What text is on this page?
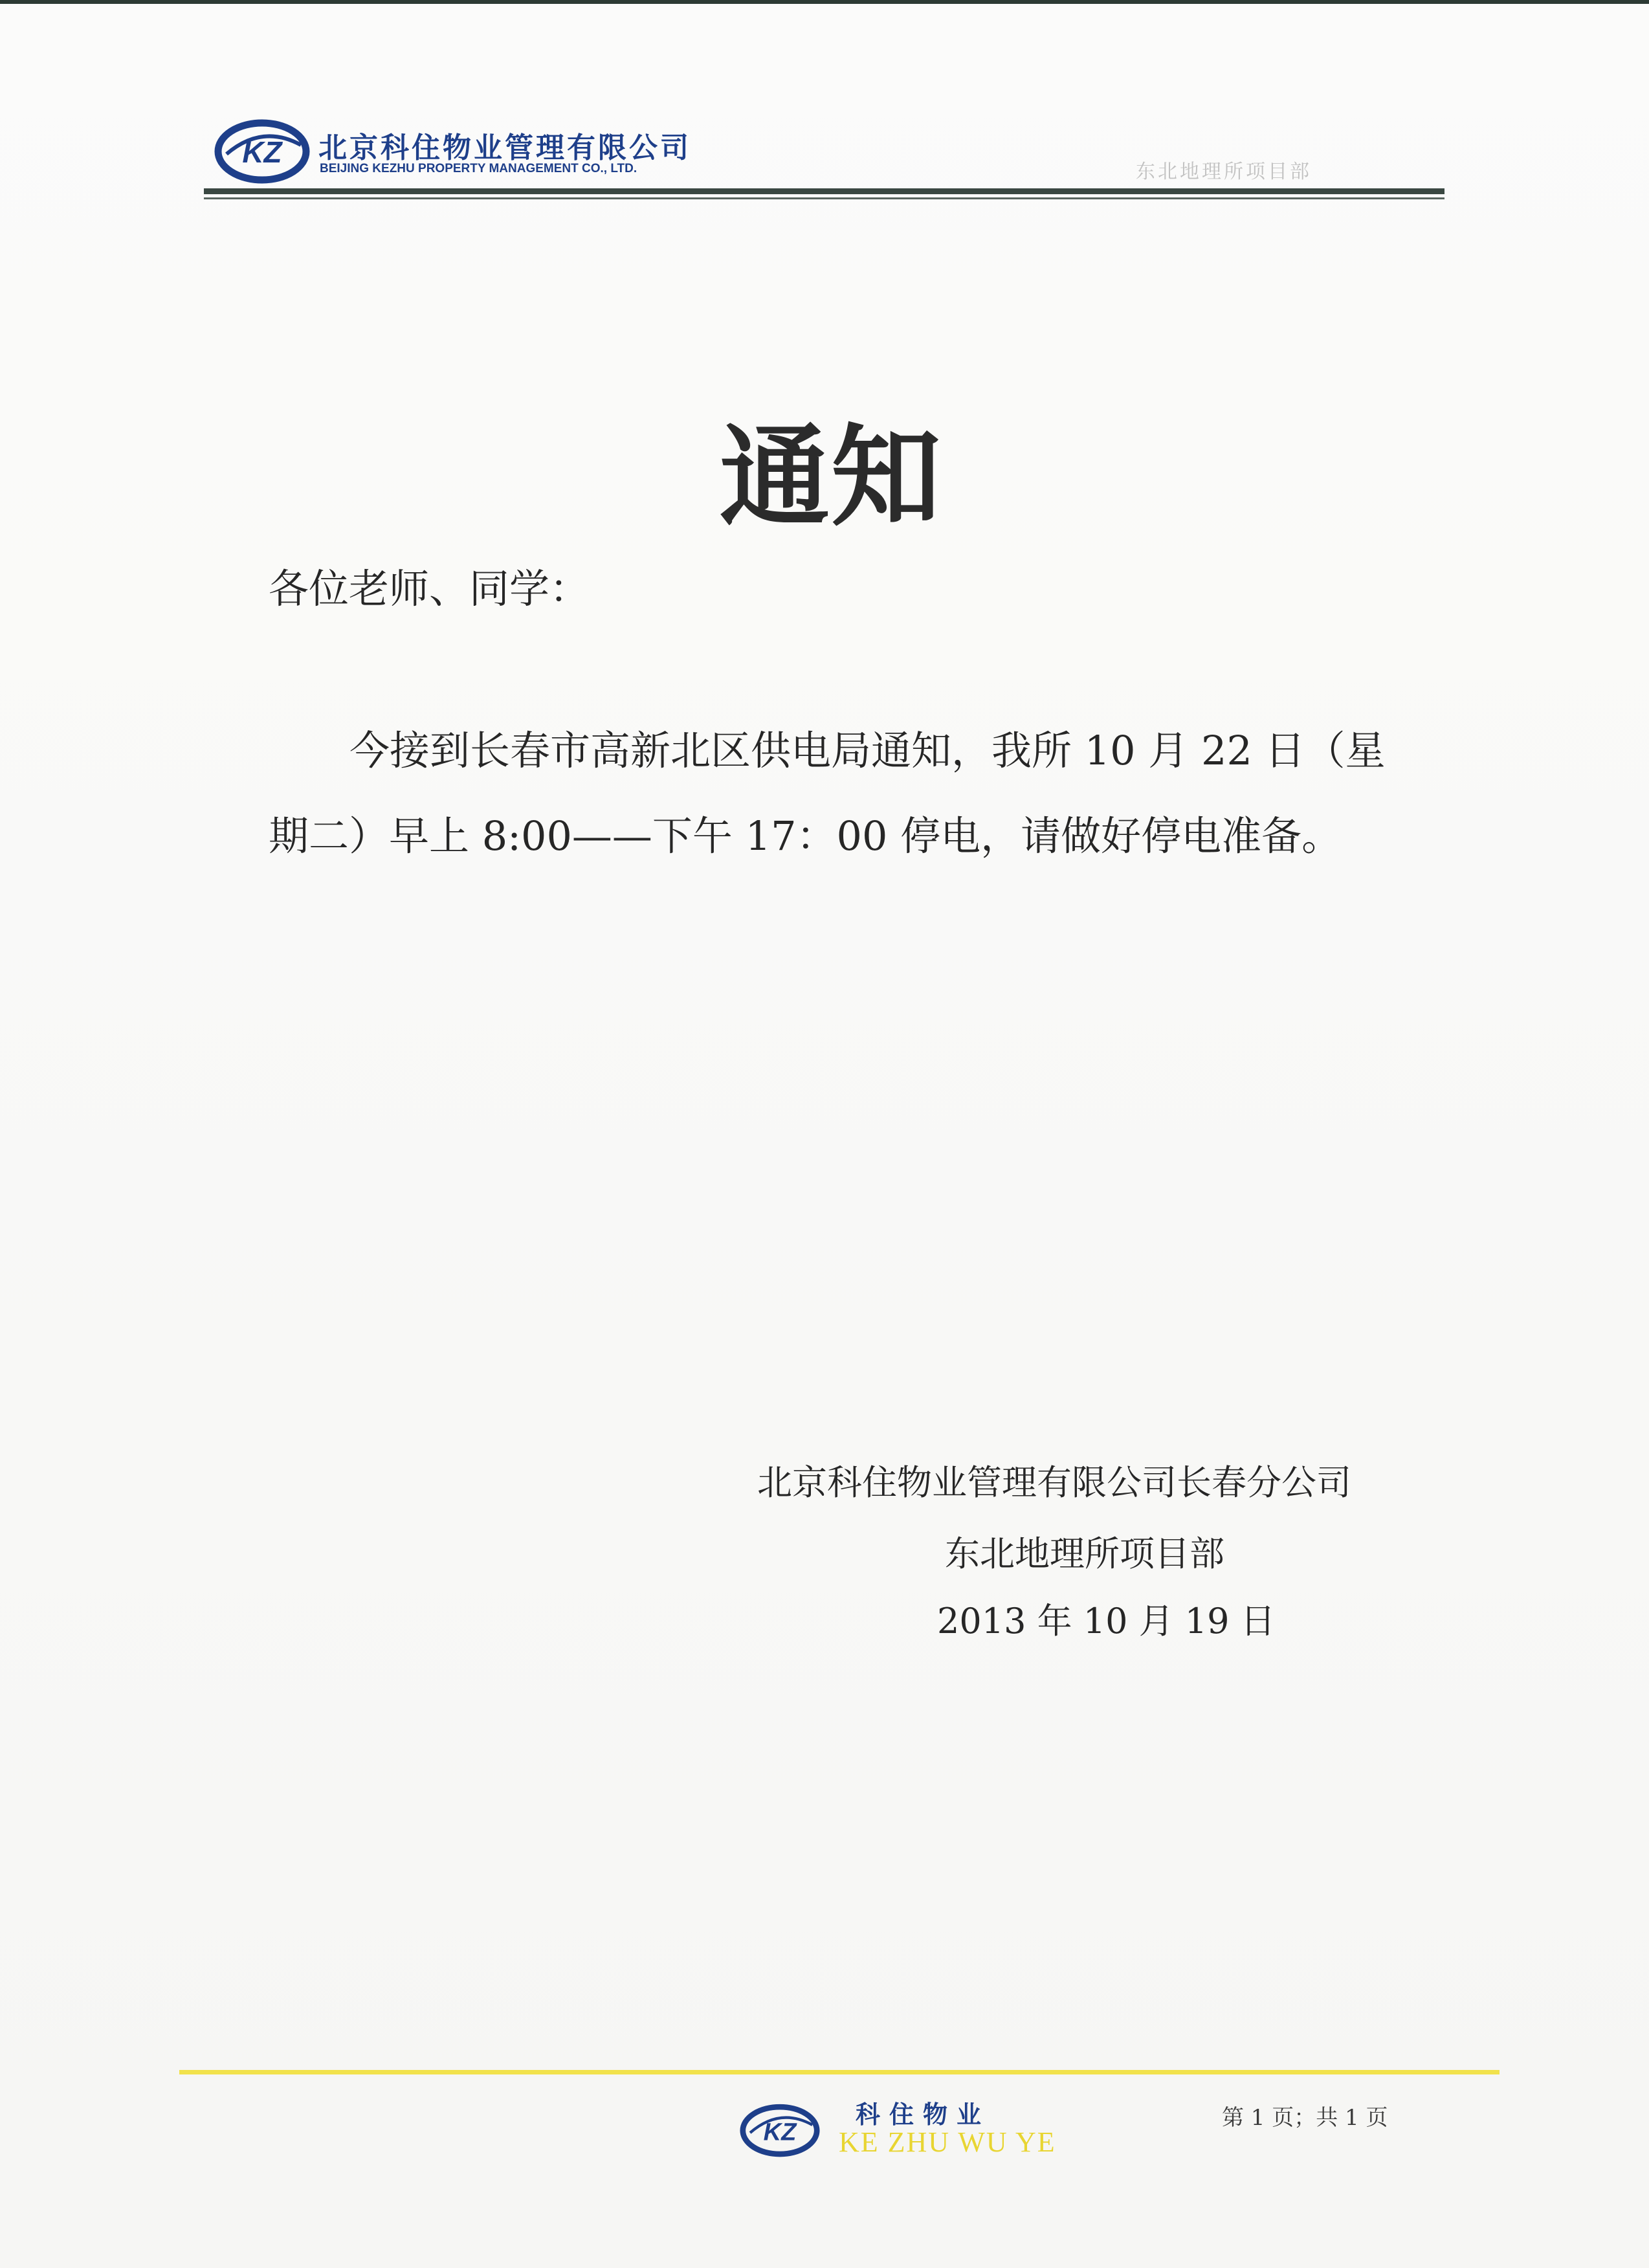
KZ 北京科住物业管理有限公司
BEIJING KEZHU PROPERTY MANAGEMENT CO., LTD.	东北地理所项目部
通知
各位老师、同学：
今接到长春市高新北区供电局通知，我所 10 月 22 日（星
期二）早上 8:00——下午 17：00 停电，请做好停电准备。
北京科住物业管理有限公司长春分公司
东北地理所项目部
2013 年 10 月 19 日
KZ
科住物业
KE ZHU WU YE
第 1 页；共 1 页
